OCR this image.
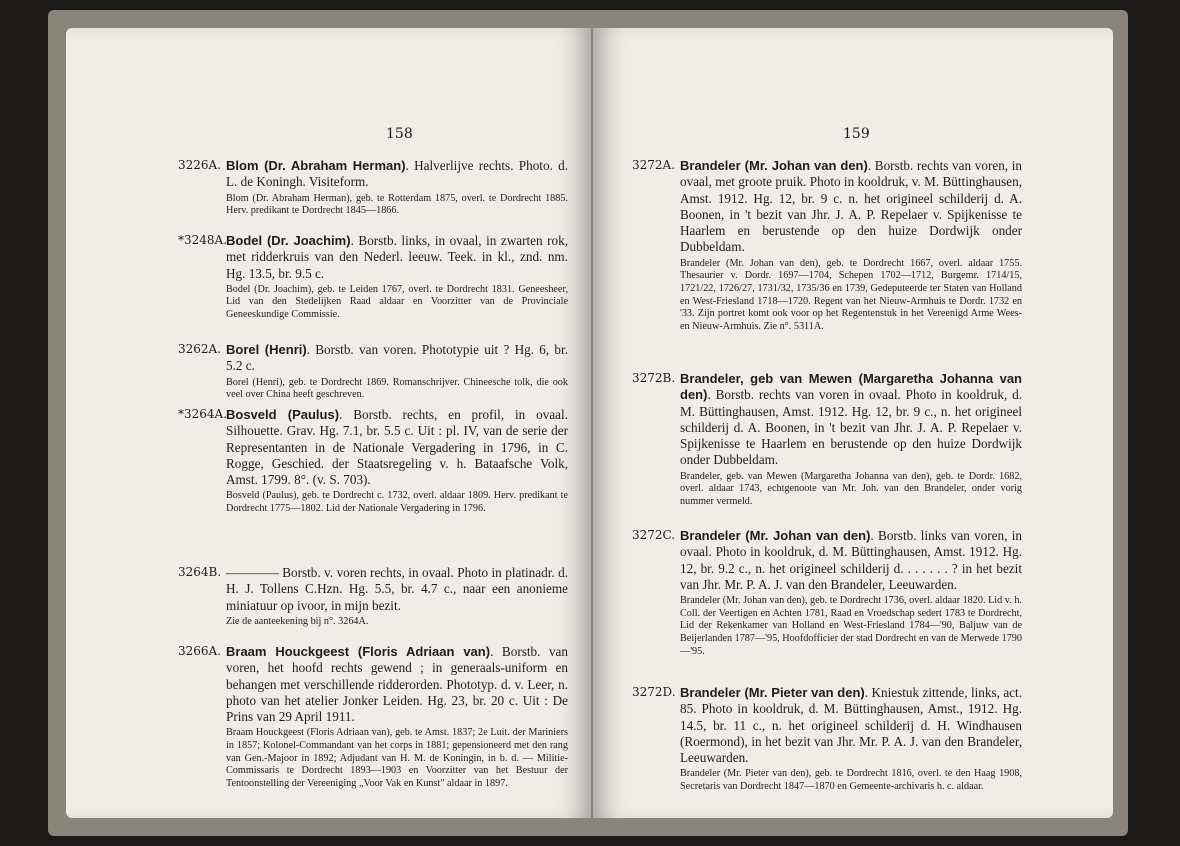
158
3226A. Blom (Dr. Abraham Herman). Halverlijve rechts. Photo. d. L. de Koningh. Visiteform.

Blom (Dr. Abraham Herman), geb. te Rotterdam 1875, overl. te Dordrecht 1885. Herv. predikant te Dordrecht 1845—1866.

*3248A.

Bodel (Dr. Joachim). Borstb. links, in ovaal, in zwarten rok, met ridderkruis van den Nederl. leeuw. Teek. in kl., znd. nm. Hg. 13.5, br. 9.5 c.

Bodel (Dr. Joachim), geb. te Leiden 1767, overl. te Dordrecht 1831. Geneesheer, Lid van den Stedelijken Raad aldaar en Voorzitter van de Provinciale Geneeskundige Commissie.

3262A. Borel (Henri). Borstb. van voren. Phototypie uit ? Hg. 6, br. 5.2 c.

Borel (Henri), geb. te Dordrecht 1869. Romanschrijver. Chineesche tolk, die ook veel over China heeft geschreven.

*3264A.

Bosveld (Paulus). Borstb. rechts, en profil, in ovaal. Silhouette. Grav. Hg. 7.1, br. 5.5 c. Uit : pl. IV, van de serie der Representanten in de Nationale Vergadering in 1796, in C. Rogge, Geschied. der Staatsregeling v. h. Bataafsche Volk, Amst. 1799. 8°. (v. S. 703).

Bosveld (Paulus), geb. te Dordrecht c. 1732, overl. aldaar 1809. Herv. predikant te Dordrecht 1775—1802. Lid der Nationale Vergadering in 1796.

3264B. ———— Borstb. v. voren rechts, in ovaal. Photo in platinadr. d. H. J. Tollens C.Hzn. Hg. 5.5, br. 4.7 c., naar een anonieme miniatuur op ivoor, in mijn bezit.

Zie de aanteekening bij n°. 3264A.

3266A. Braam Houckgeest (Floris Adriaan van). Borstb. van voren, het hoofd rechts gewend ; in generaals-uniform en behangen met verschillende ridderorden. Phototyp. d. v. Leer, n. photo van het atelier Jonker Leiden. Hg. 23, br. 20 c. Uit : De Prins van 29 April 1911.

Braam Houckgeest (Floris Adriaan van), geb. te Amst. 1837; 2e Luit. der Mariniers in 1857; Kolonel-Commandant van het corps in 1881; gepensioneerd met den rang van Gen.-Majoor in 1892; Adjudant van H. M. de Koningin, in b. d. — Militie-Commissaris te Dordrecht 1893—1903 en Voorzitter van het Bestuur der Tentoonstelling der Vereeniging „Voor Vak en Kunst" aldaar in 1897.

159
3272A. Brandeler (Mr. Johan van den). Borstb. rechts van voren, in ovaal, met groote pruik. Photo in kooldruk, v. M. Büttinghausen, Amst. 1912. Hg. 12, br. 9 c. n. het origineel schilderij d. A. Boonen, in 't bezit van Jhr. J. A. P. Repelaer v. Spijkenisse te Haarlem en berustende op den huize Dordwijk onder Dubbeldam.

Brandeler (Mr. Johan van den), geb. te Dordrecht 1667, overl. aldaar 1755. Thesaurier v. Dordr. 1697—1704, Schepen 1702—1712, Burgemr. 1714/15, 1721/22, 1726/27, 1731/32, 1735/36 en 1739, Gedeputeerde ter Staten van Holland en West-Friesland 1718—1720. Regent van het Nieuw-Armhuis te Dordr. 1732 en '33. Zijn portret komt ook voor op het Regentenstuk in het Vereenigd Arme Wees- en Nieuw-Armhuis. Zie n°. 5311A.

3272B. Brandeler, geb van Mewen (Margaretha Johanna van den). Borstb. rechts van voren in ovaal. Photo in kooldruk, d. M. Büttinghausen, Amst. 1912. Hg. 12, br. 9 c., n. het origineel schilderij d. A. Boonen, in 't bezit van Jhr. J. A. P. Repelaer v. Spijkenisse te Haarlem en berustende op den huize Dordwijk onder Dubbeldam.

Brandeler, geb. van Mewen (Margaretha Johanna van den), geb. te Dordr. 1682, overl. aldaar 1743, echtgenoote van Mr. Joh. van den Brandeler, onder vorig nummer vermeld.

3272C. Brandeler (Mr. Johan van den). Borstb. links van voren, in ovaal. Photo in kooldruk, d. M. Büttinghausen, Amst. 1912. Hg. 12, br. 9.2 c., n. het origineel schilderij d. . . . . . . ? in het bezit van Jhr. Mr. P. A. J. van den Brandeler, Leeuwarden.

Brandeler (Mr. Johan van den), geb. te Dordrecht 1736, overl. aldaar 1820. Lid v. h. Coll. der Veertigen en Achten 1781, Raad en Vroedschap sedert 1783 te Dordrecht, Lid der Rekenkamer van Holland en West-Friesland 1784—'90, Baljuw van de Beijerlanden 1787—'95, Hoofdofficier der stad Dordrecht en van de Merwede 1790—'95.

3272D. Brandeler (Mr. Pieter van den). Kniestuk zittende, links, act. 85. Photo in kooldruk, d. M. Büttinghausen, Amst., 1912. Hg. 14.5, br. 11 c., n. het origineel schilderij d. H. Windhausen (Roermond), in het bezit van Jhr. Mr. P. A. J. van den Brandeler, Leeuwarden.

Brandeler (Mr. Pieter van den), geb. te Dordrecht 1816, overl. te den Haag 1908, Secretaris van Dordrecht 1847—1870 en Gemeente-archivaris h. c. aldaar.
